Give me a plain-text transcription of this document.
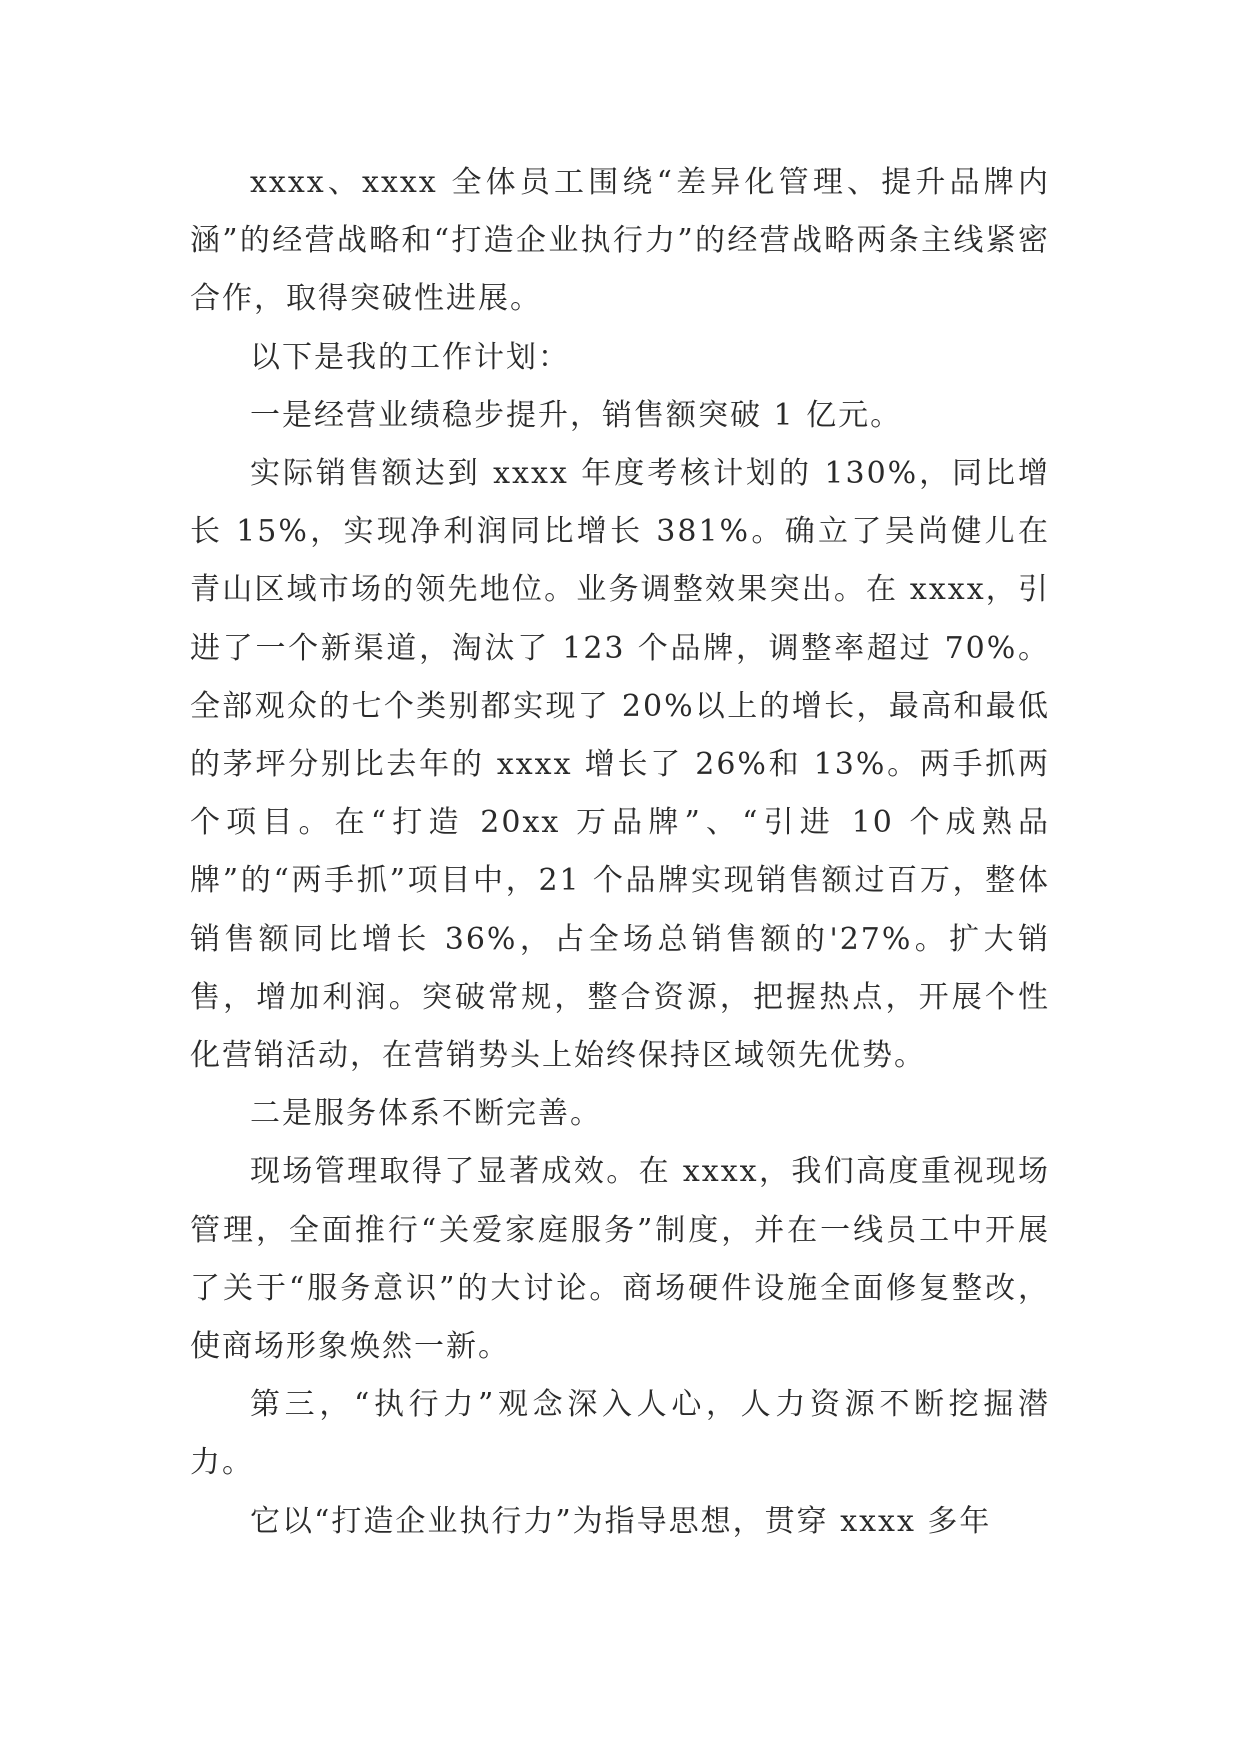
xxxx、xxxx 全体员工围绕“差异化管理、提升品牌内涵”的经营战略和“打造企业执行力”的经营战略两条主线紧密合作，取得突破性进展。

以下是我的工作计划：

一是经营业绩稳步提升，销售额突破 1 亿元。

实际销售额达到 xxxx 年度考核计划的 130%，同比增长 15%，实现净利润同比增长 381%。确立了吴尚健儿在青山区域市场的领先地位。业务调整效果突出。在 xxxx，引进了一个新渠道，淘汰了 123 个品牌，调整率超过 70%。全部观众的七个类别都实现了 20%以上的增长，最高和最低的茅坪分别比去年的 xxxx 增长了 26%和 13%。两手抓两个项目。在“打造 20xx 万品牌”、“引进 10 个成熟品牌”的“两手抓”项目中，21 个品牌实现销售额过百万，整体销售额同比增长 36%，占全场总销售额的'27%。扩大销售，增加利润。突破常规，整合资源，把握热点，开展个性化营销活动，在营销势头上始终保持区域领先优势。

二是服务体系不断完善。

现场管理取得了显著成效。在 xxxx，我们高度重视现场管理，全面推行“关爱家庭服务”制度，并在一线员工中开展了关于“服务意识”的大讨论。商场硬件设施全面修复整改，使商场形象焕然一新。

第三，“执行力”观念深入人心，人力资源不断挖掘潜力。

它以“打造企业执行力”为指导思想，贯穿 xxxx 多年
